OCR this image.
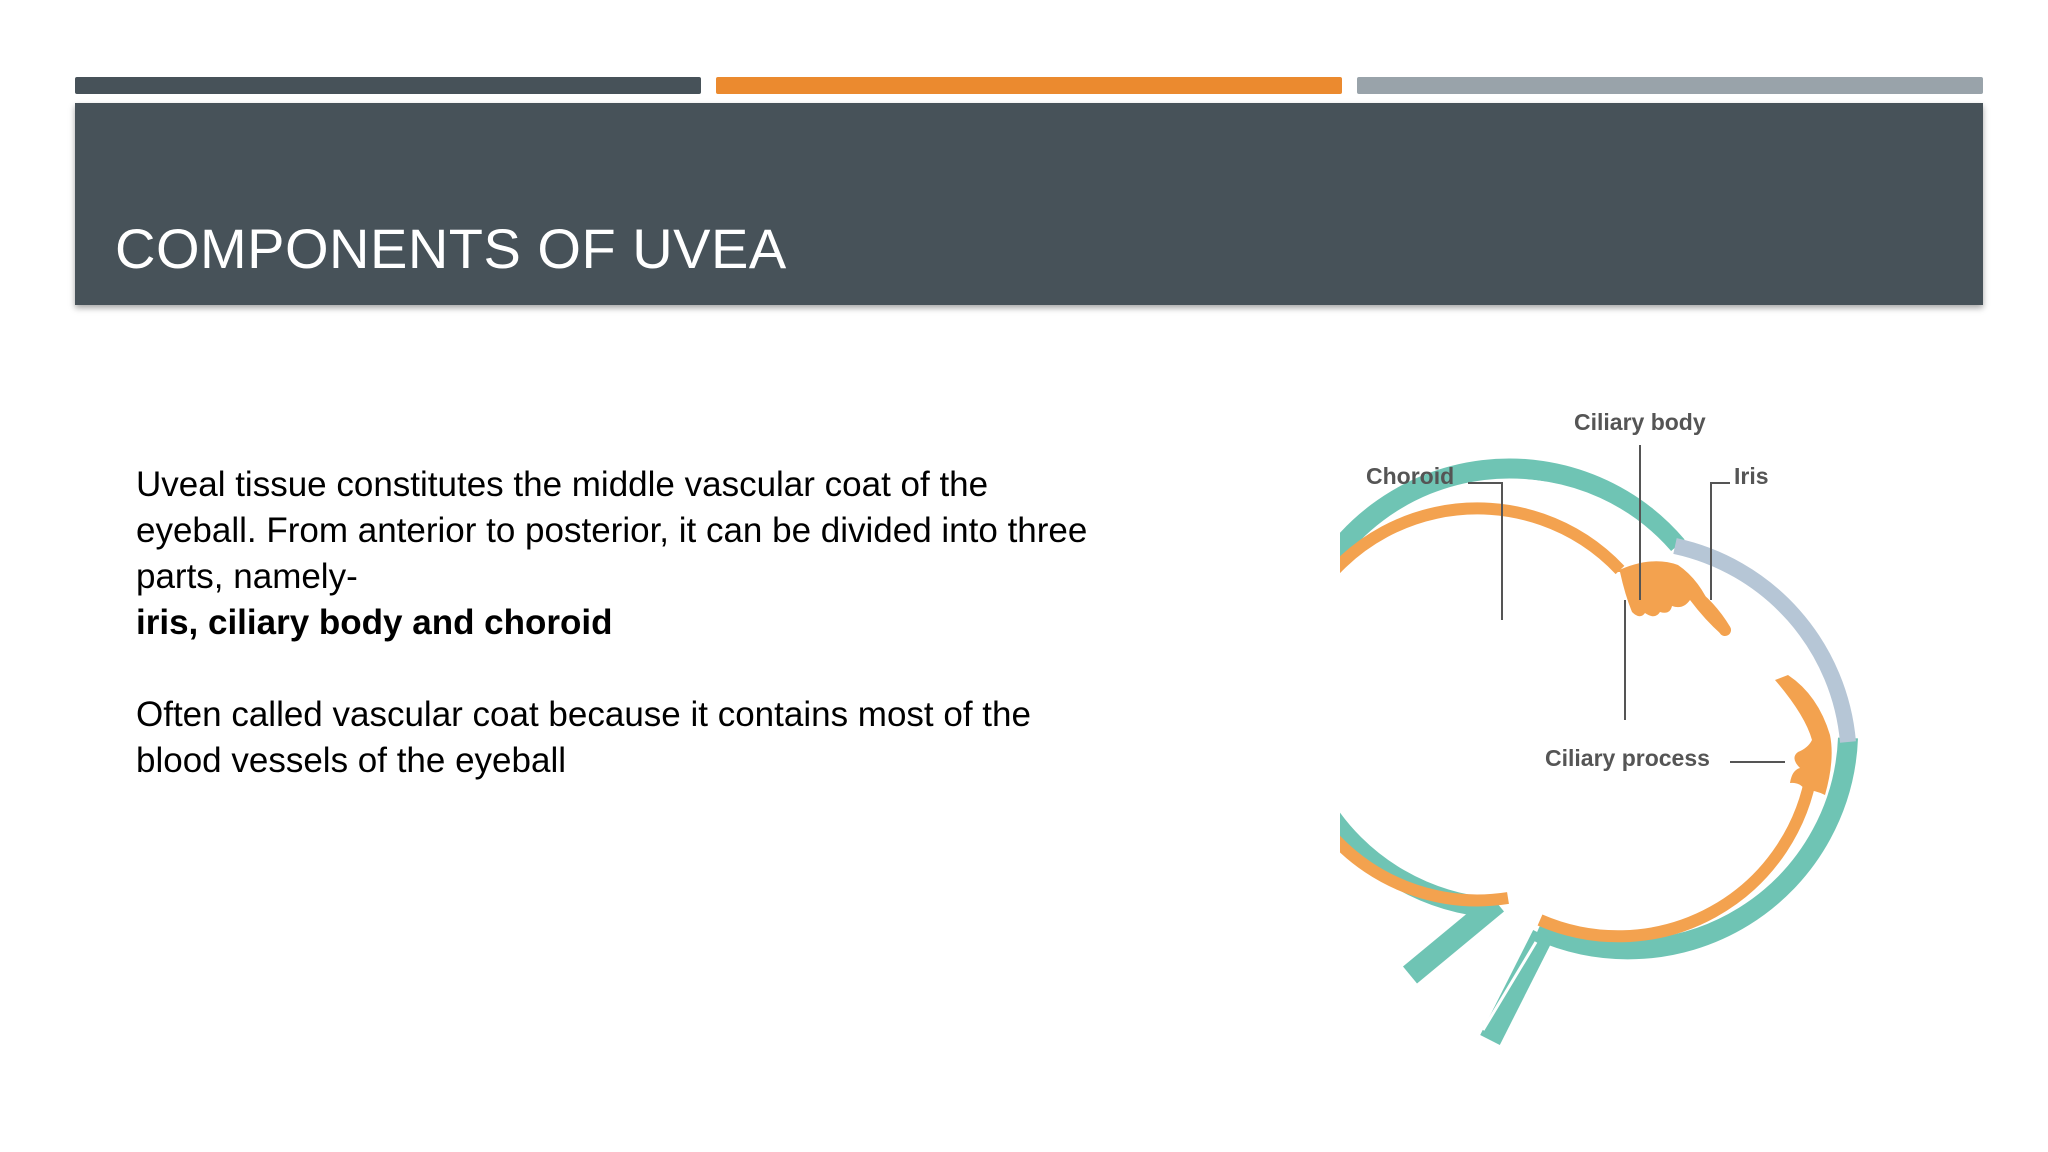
COMPONENTS OF UVEA

Uveal tissue constitutes the middle vascular coat of the

eyeball. From anterior to posterior, it can be divided into three

parts, namely-

iris, ciliary body and choroid

Often called vascular coat because it contains most of the

blood vessels of the eyeball

Ciliary body
Choroid	Iris
Ciliary process
